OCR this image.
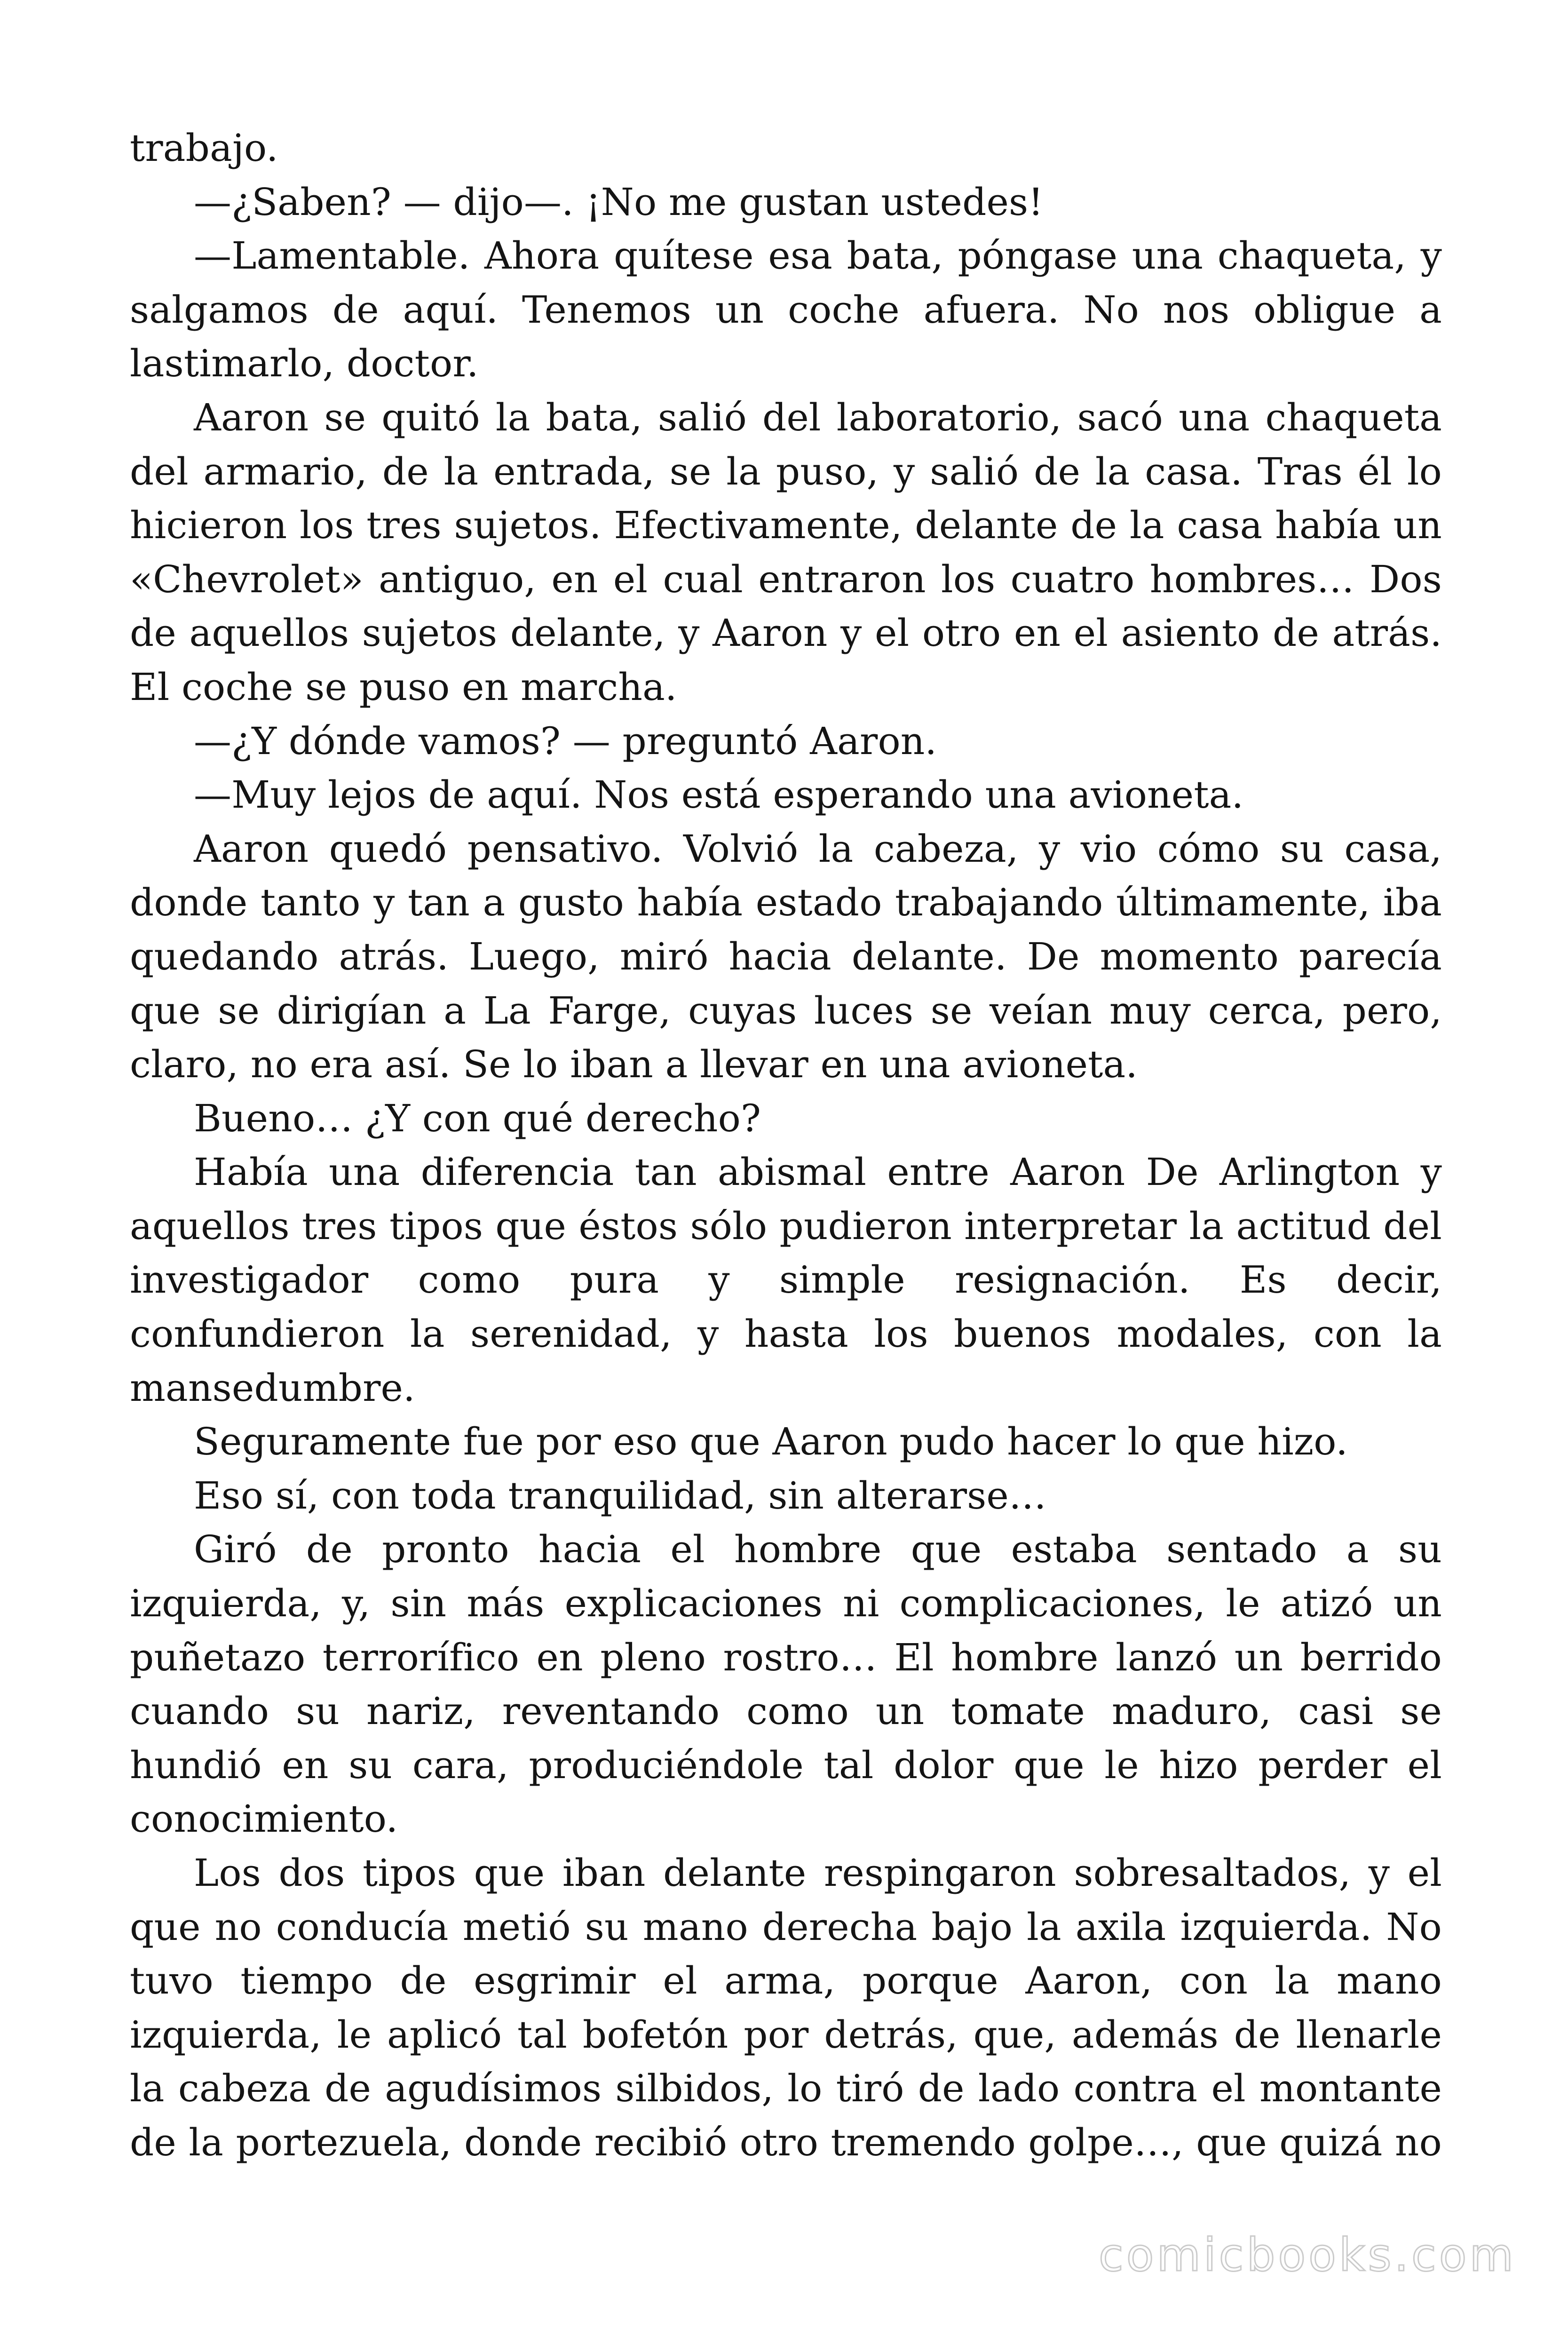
trabajo.

—¿Saben? — dijo—. ¡No me gustan ustedes!

—Lamentable. Ahora quítese esa bata, póngase una chaqueta, y salgamos de aquí. Tenemos un coche afuera. No nos obligue a lastimarlo, doctor.

Aaron se quitó la bata, salió del laboratorio, sacó una chaqueta del armario, de la entrada, se la puso, y salió de la casa. Tras él lo hicieron los tres sujetos. Efectivamente, delante de la casa había un «Chevrolet» antiguo, en el cual entraron los cuatro hombres… Dos de aquellos sujetos delante, y Aaron y el otro en el asiento de atrás. El coche se puso en marcha.

—¿Y dónde vamos? — preguntó Aaron.

—Muy lejos de aquí. Nos está esperando una avioneta.

Aaron quedó pensativo. Volvió la cabeza, y vio cómo su casa, donde tanto y tan a gusto había estado trabajando últimamente, iba quedando atrás. Luego, miró hacia delante. De momento parecía que se dirigían a La Farge, cuyas luces se veían muy cerca, pero, claro, no era así. Se lo iban a llevar en una avioneta.

Bueno… ¿Y con qué derecho?

Había una diferencia tan abismal entre Aaron De Arlington y aquellos tres tipos que éstos sólo pudieron interpretar la actitud del investigador como pura y simple resignación. Es decir, confundieron la serenidad, y hasta los buenos modales, con la mansedumbre.

Seguramente fue por eso que Aaron pudo hacer lo que hizo.

Eso sí, con toda tranquilidad, sin alterarse…

Giró de pronto hacia el hombre que estaba sentado a su izquierda, y, sin más explicaciones ni complicaciones, le atizó un puñetazo terrorífico en pleno rostro… El hombre lanzó un berrido cuando su nariz, reventando como un tomate maduro, casi se hundió en su cara, produciéndole tal dolor que le hizo perder el conocimiento.

Los dos tipos que iban delante respingaron sobresaltados, y el que no conducía metió su mano derecha bajo la axila izquierda. No tuvo tiempo de esgrimir el arma, porque Aaron, con la mano izquierda, le aplicó tal bofetón por detrás, que, además de llenarle la cabeza de agudísimos silbidos, lo tiró de lado contra el montante de la portezuela, donde recibió otro tremendo golpe…, que quizá no

comicbooks.com
